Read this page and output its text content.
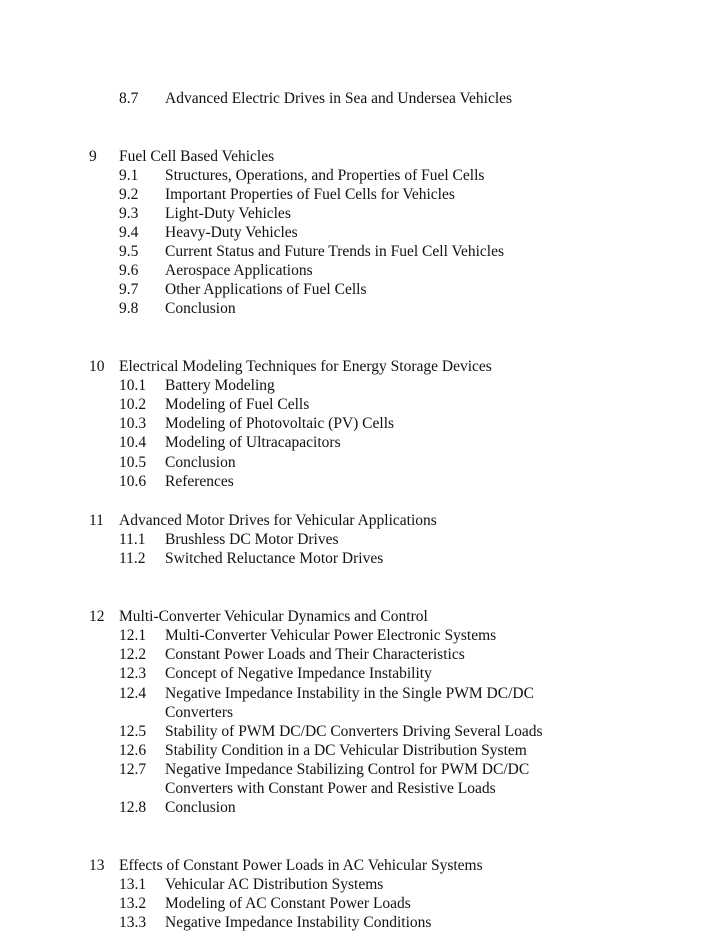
8.7 Advanced Electric Drives in Sea and Undersea Vehicles
9 Fuel Cell Based Vehicles
9.1 Structures, Operations, and Properties of Fuel Cells
9.2 Important Properties of Fuel Cells for Vehicles
9.3 Light-Duty Vehicles
9.4 Heavy-Duty Vehicles
9.5 Current Status and Future Trends in Fuel Cell Vehicles
9.6 Aerospace Applications
9.7 Other Applications of Fuel Cells
9.8 Conclusion
10 Electrical Modeling Techniques for Energy Storage Devices
10.1 Battery Modeling
10.2 Modeling of Fuel Cells
10.3 Modeling of Photovoltaic (PV) Cells
10.4 Modeling of Ultracapacitors
10.5 Conclusion
10.6 References
11 Advanced Motor Drives for Vehicular Applications
11.1 Brushless DC Motor Drives
11.2 Switched Reluctance Motor Drives
12 Multi-Converter Vehicular Dynamics and Control
12.1 Multi-Converter Vehicular Power Electronic Systems
12.2 Constant Power Loads and Their Characteristics
12.3 Concept of Negative Impedance Instability
12.4 Negative Impedance Instability in the Single PWM DC/DC
Converters
12.5 Stability of PWM DC/DC Converters Driving Several Loads
12.6 Stability Condition in a DC Vehicular Distribution System
12.7 Negative Impedance Stabilizing Control for PWM DC/DC
Converters with Constant Power and Resistive Loads
12.8 Conclusion
13 Effects of Constant Power Loads in AC Vehicular Systems
13.1 Vehicular AC Distribution Systems
13.2 Modeling of AC Constant Power Loads
13.3 Negative Impedance Instability Conditions
